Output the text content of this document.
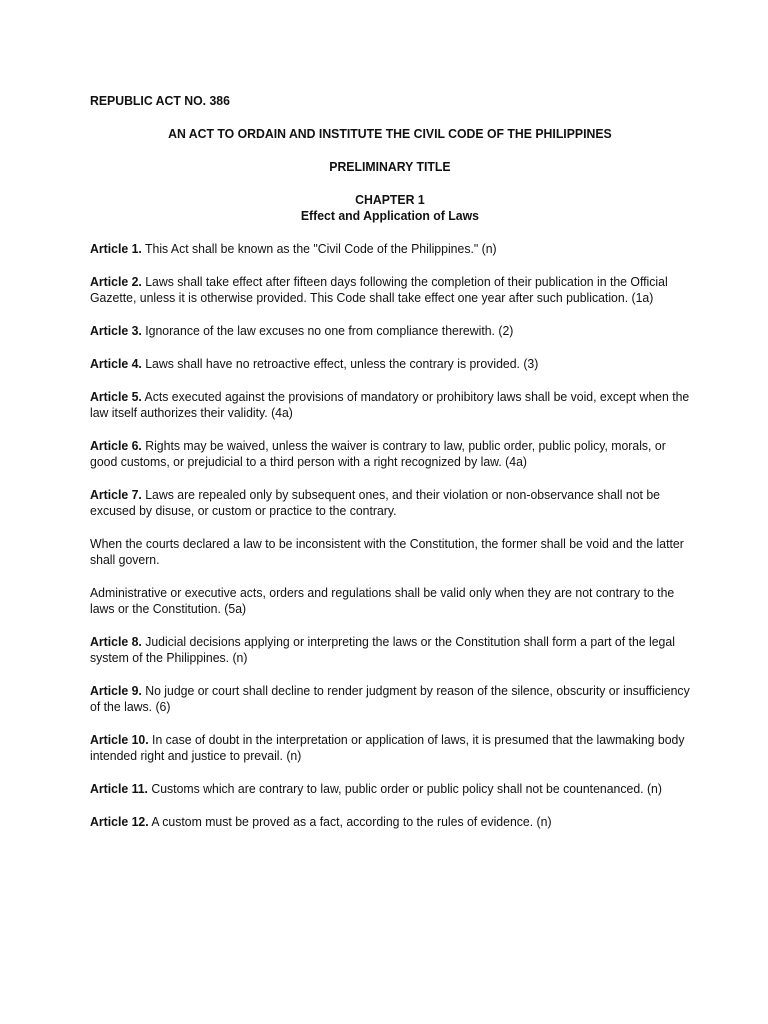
REPUBLIC ACT NO. 386

AN ACT TO ORDAIN AND INSTITUTE THE CIVIL CODE OF THE PHILIPPINES

PRELIMINARY TITLE

CHAPTER 1

Effect and Application of Laws

Article 1. This Act shall be known as the "Civil Code of the Philippines." (n)

Article 2. Laws shall take effect after fifteen days following the completion of their publication in the Official Gazette, unless it is otherwise provided. This Code shall take effect one year after such publication. (1a)

Article 3. Ignorance of the law excuses no one from compliance therewith. (2)

Article 4. Laws shall have no retroactive effect, unless the contrary is provided. (3)

Article 5. Acts executed against the provisions of mandatory or prohibitory laws shall be void, except when the law itself authorizes their validity. (4a)

Article 6. Rights may be waived, unless the waiver is contrary to law, public order, public policy, morals, or good customs, or prejudicial to a third person with a right recognized by law. (4a)

Article 7. Laws are repealed only by subsequent ones, and their violation or non-observance shall not be excused by disuse, or custom or practice to the contrary.

When the courts declared a law to be inconsistent with the Constitution, the former shall be void and the latter shall govern.

Administrative or executive acts, orders and regulations shall be valid only when they are not contrary to the laws or the Constitution. (5a)

Article 8. Judicial decisions applying or interpreting the laws or the Constitution shall form a part of the legal system of the Philippines. (n)

Article 9. No judge or court shall decline to render judgment by reason of the silence, obscurity or insufficiency of the laws. (6)

Article 10. In case of doubt in the interpretation or application of laws, it is presumed that the lawmaking body intended right and justice to prevail. (n)

Article 11. Customs which are contrary to law, public order or public policy shall not be countenanced. (n)

Article 12. A custom must be proved as a fact, according to the rules of evidence. (n)
